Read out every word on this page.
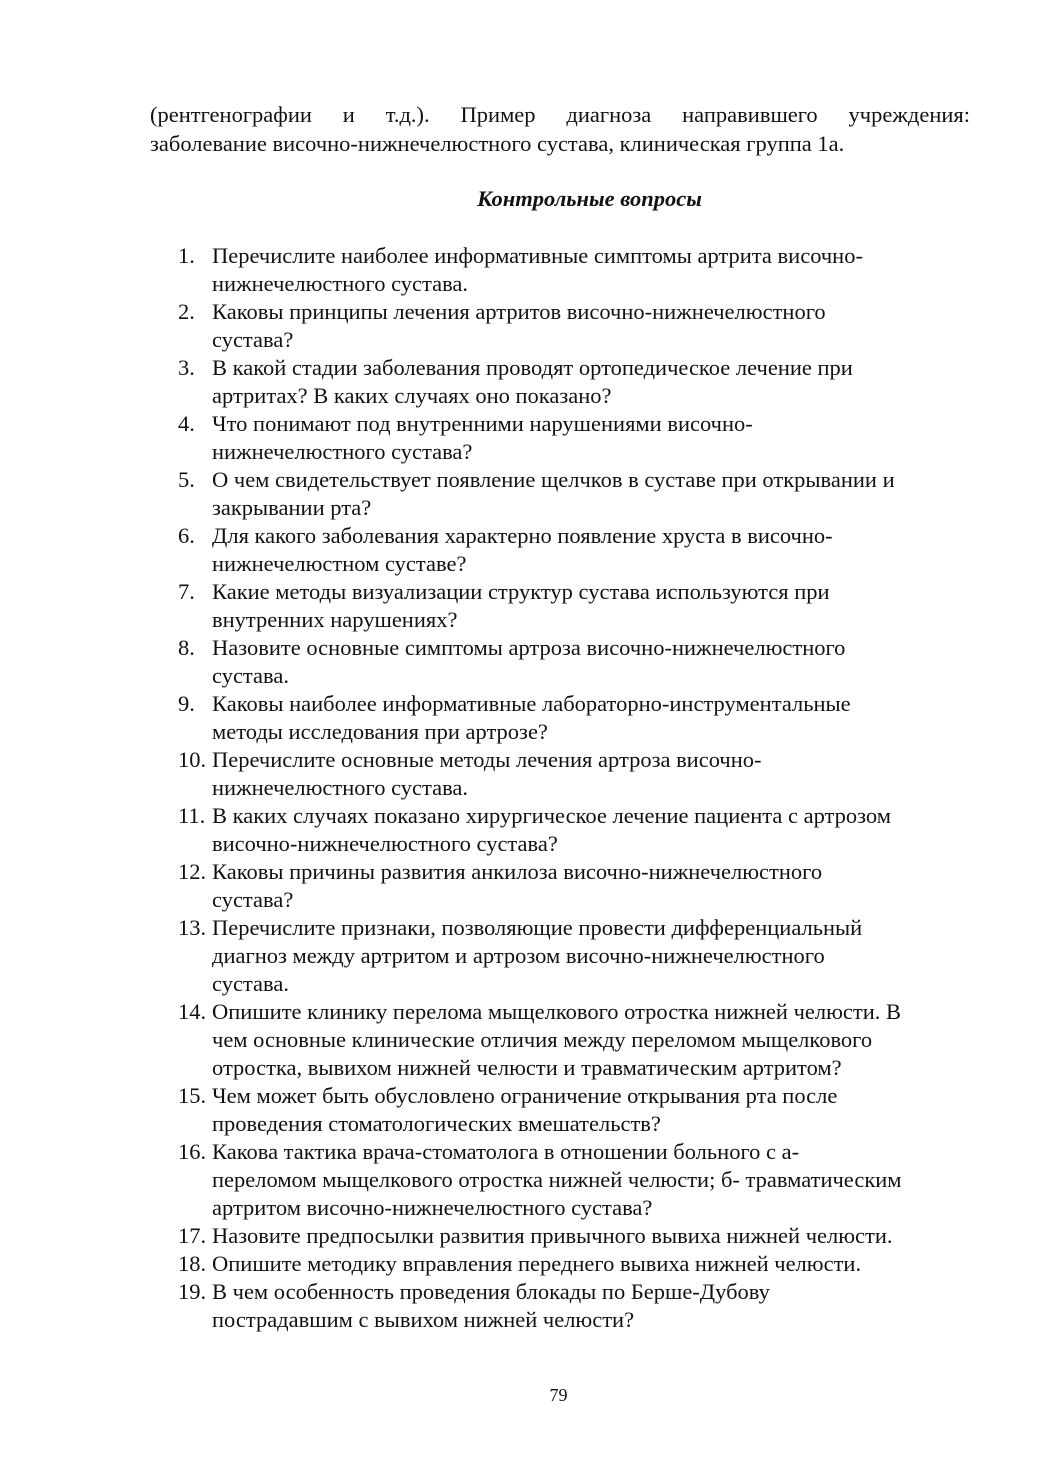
(рентгенографии и т.д.). Пример диагноза направившего учреждения:
заболевание височно-нижнечелюстного сустава, клиническая группа 1а.
Контрольные вопросы
1. Перечислите наиболее информативные симптомы артрита височно-
нижнечелюстного сустава.
2. Каковы принципы лечения артритов височно-нижнечелюстного
сустава?
3. В какой стадии заболевания проводят ортопедическое лечение при
артритах? В каких случаях оно показано?
4. Что понимают под внутренними нарушениями височно-
нижнечелюстного сустава?
5. О чем свидетельствует появление щелчков в суставе при открывании и
закрывании рта?
6. Для какого заболевания характерно появление хруста в височно-
нижнечелюстном суставе?
7. Какие методы визуализации структур сустава используются при
внутренних нарушениях?
8. Назовите основные симптомы артроза височно-нижнечелюстного
сустава.
9. Каковы наиболее информативные лабораторно-инструментальные
методы исследования при артрозе?
10. Перечислите основные методы лечения артроза височно-
нижнечелюстного сустава.
11. В каких случаях показано хирургическое лечение пациента с артрозом
височно-нижнечелюстного сустава?
12. Каковы причины развития анкилоза височно-нижнечелюстного
сустава?
13. Перечислите признаки, позволяющие провести дифференциальный
диагноз между артритом и артрозом височно-нижнечелюстного
сустава.
14. Опишите клинику перелома мыщелкового отростка нижней челюсти. В
чем основные клинические отличия между переломом мыщелкового
отростка, вывихом нижней челюсти и травматическим артритом?
15. Чем может быть обусловлено ограничение открывания рта после
проведения стоматологических вмешательств?
16. Какова тактика врача-стоматолога в отношении больного с а-
переломом мыщелкового отростка нижней челюсти; б- травматическим
артритом височно-нижнечелюстного сустава?
17. Назовите предпосылки развития привычного вывиха нижней челюсти.
18. Опишите методику вправления переднего вывиха нижней челюсти.
19. В чем особенность проведения блокады по Берше-Дубову
пострадавшим с вывихом нижней челюсти?
79
